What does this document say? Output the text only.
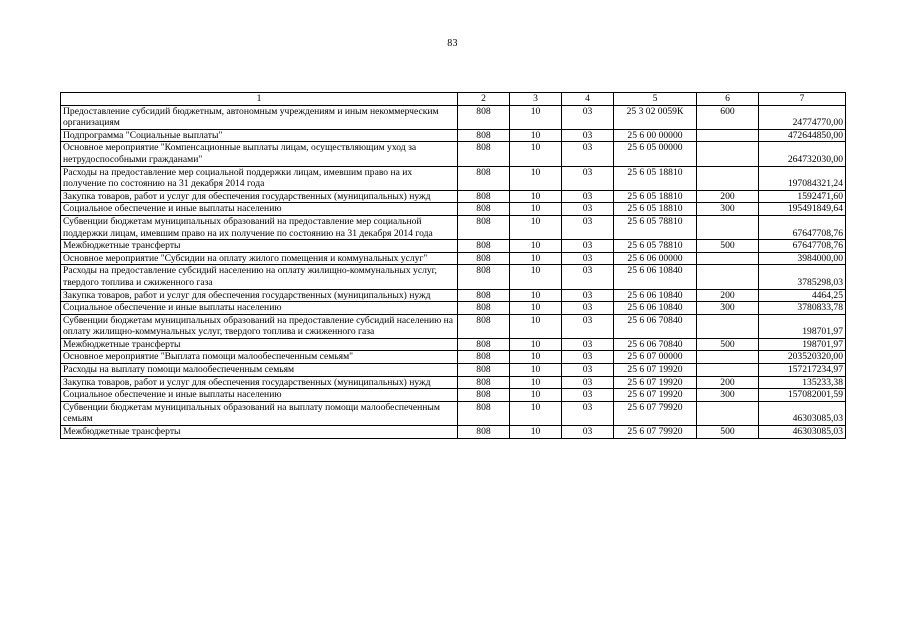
83
1	2	3	4	5	6	7
Предоставление субсидий бюджетным, автономным учреждениям и иным некоммерческим организациям	808	10	03	25 3 02 0059К	600	24774770,00
Подпрограмма "Социальные выплаты"	808	10	03	25 6 00 00000		472644850,00
Основное мероприятие "Компенсационные выплаты лицам, осуществляющим уход за нетрудоспособными гражданами"	808	10	03	25 6 05 00000		264732030,00
Расходы на предоставление мер социальной поддержки лицам, имевшим право на их получение по состоянию на 31 декабря 2014 года	808	10	03	25 6 05 18810		197084321,24
Закупка товаров, работ и услуг для обеспечения государственных (муниципальных) нужд	808	10	03	25 6 05 18810	200	1592471,60
Социальное обеспечение и иные выплаты населению	808	10	03	25 6 05 18810	300	195491849,64
Субвенции бюджетам муниципальных образований на предоставление мер социальной поддержки лицам, имевшим право на их получение по состоянию на 31 декабря 2014 года	808	10	03	25 6 05 78810		67647708,76
Межбюджетные трансферты	808	10	03	25 6 05 78810	500	67647708,76
Основное мероприятие "Субсидии на оплату жилого помещения и коммунальных услуг"	808	10	03	25 6 06 00000		3984000,00
Расходы на предоставление субсидий населению на оплату жилищно-коммунальных услуг, твердого топлива и сжиженного газа	808	10	03	25 6 06 10840		3785298,03
Закупка товаров, работ и услуг для обеспечения государственных (муниципальных) нужд	808	10	03	25 6 06 10840	200	4464,25
Социальное обеспечение и иные выплаты населению	808	10	03	25 6 06 10840	300	3780833,78
Субвенции бюджетам муниципальных образований на предоставление субсидий населению на оплату жилищно-коммунальных услуг, твердого топлива и сжиженного газа	808	10	03	25 6 06 70840		198701,97
Межбюджетные трансферты	808	10	03	25 6 06 70840	500	198701,97
Основное мероприятие "Выплата помощи малообеспеченным семьям"	808	10	03	25 6 07 00000		203520320,00
Расходы на выплату помощи малообеспеченным семьям	808	10	03	25 6 07 19920		157217234,97
Закупка товаров, работ и услуг для обеспечения государственных (муниципальных) нужд	808	10	03	25 6 07 19920	200	135233,38
Социальное обеспечение и иные выплаты населению	808	10	03	25 6 07 19920	300	157082001,59
Субвенции бюджетам муниципальных образований на выплату помощи малообеспеченным семьям	808	10	03	25 6 07 79920		46303085,03
Межбюджетные трансферты	808	10	03	25 6 07 79920	500	46303085,03
